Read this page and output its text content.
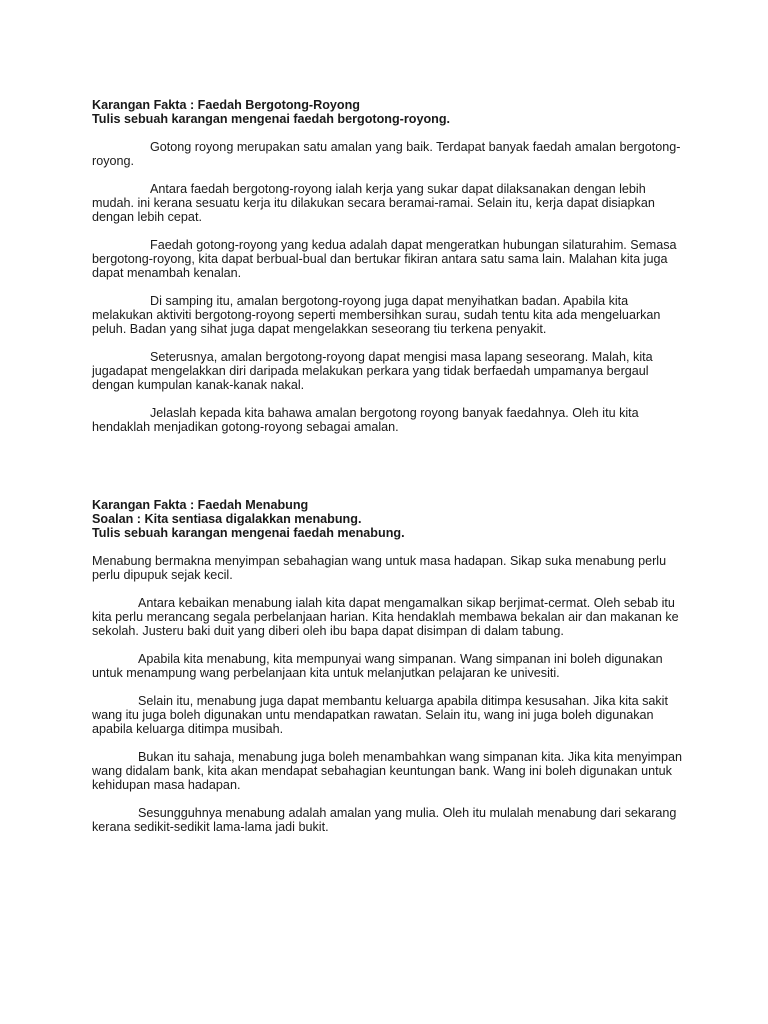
Karangan Fakta : Faedah Bergotong-Royong

Tulis sebuah karangan mengenai faedah bergotong-royong.

Gotong royong merupakan satu amalan yang baik. Terdapat banyak faedah amalan bergotong-royong.

Antara faedah bergotong-royong ialah kerja yang sukar dapat dilaksanakan dengan lebih mudah. ini kerana sesuatu kerja itu dilakukan secara beramai-ramai. Selain itu, kerja dapat disiapkan dengan lebih cepat.

Faedah gotong-royong yang kedua adalah dapat mengeratkan hubungan silaturahim. Semasa bergotong-royong, kita dapat berbual-bual dan bertukar fikiran antara satu sama lain. Malahan kita juga dapat menambah kenalan.

Di samping itu, amalan bergotong-royong juga dapat menyihatkan badan. Apabila kita melakukan aktiviti bergotong-royong seperti membersihkan surau, sudah tentu kita ada mengeluarkan peluh. Badan yang sihat juga dapat mengelakkan seseorang tiu terkena penyakit.

Seterusnya, amalan bergotong-royong dapat mengisi masa lapang seseorang. Malah, kita jugadapat mengelakkan diri daripada melakukan perkara yang tidak berfaedah umpamanya bergaul dengan kumpulan kanak-kanak nakal.

Jelaslah kepada kita bahawa amalan bergotong royong banyak faedahnya. Oleh itu kita hendaklah menjadikan gotong-royong sebagai amalan.

Karangan Fakta : Faedah Menabung

Soalan : Kita sentiasa digalakkan menabung.

Tulis sebuah karangan mengenai faedah menabung.

Menabung bermakna menyimpan sebahagian wang untuk masa hadapan. Sikap suka menabung perlu perlu dipupuk sejak kecil.

Antara kebaikan menabung ialah kita dapat mengamalkan sikap berjimat-cermat. Oleh sebab itu kita perlu merancang segala perbelanjaan harian. Kita hendaklah membawa bekalan air dan makanan ke sekolah. Justeru baki duit yang diberi oleh ibu bapa dapat disimpan di dalam tabung.

Apabila kita menabung, kita mempunyai wang simpanan. Wang simpanan ini boleh digunakan untuk menampung wang perbelanjaan kita untuk melanjutkan pelajaran ke univesiti.

Selain itu, menabung juga dapat membantu keluarga apabila ditimpa kesusahan. Jika kita sakit wang itu juga boleh digunakan untu mendapatkan rawatan. Selain itu, wang ini juga boleh digunakan apabila keluarga ditimpa musibah.

Bukan itu sahaja, menabung juga boleh menambahkan wang simpanan kita. Jika kita menyimpan wang didalam bank, kita akan mendapat sebahagian keuntungan bank. Wang ini boleh digunakan untuk kehidupan masa hadapan.

Sesungguhnya menabung adalah amalan yang mulia. Oleh itu mulalah menabung dari sekarang kerana sedikit-sedikit lama-lama jadi bukit.
